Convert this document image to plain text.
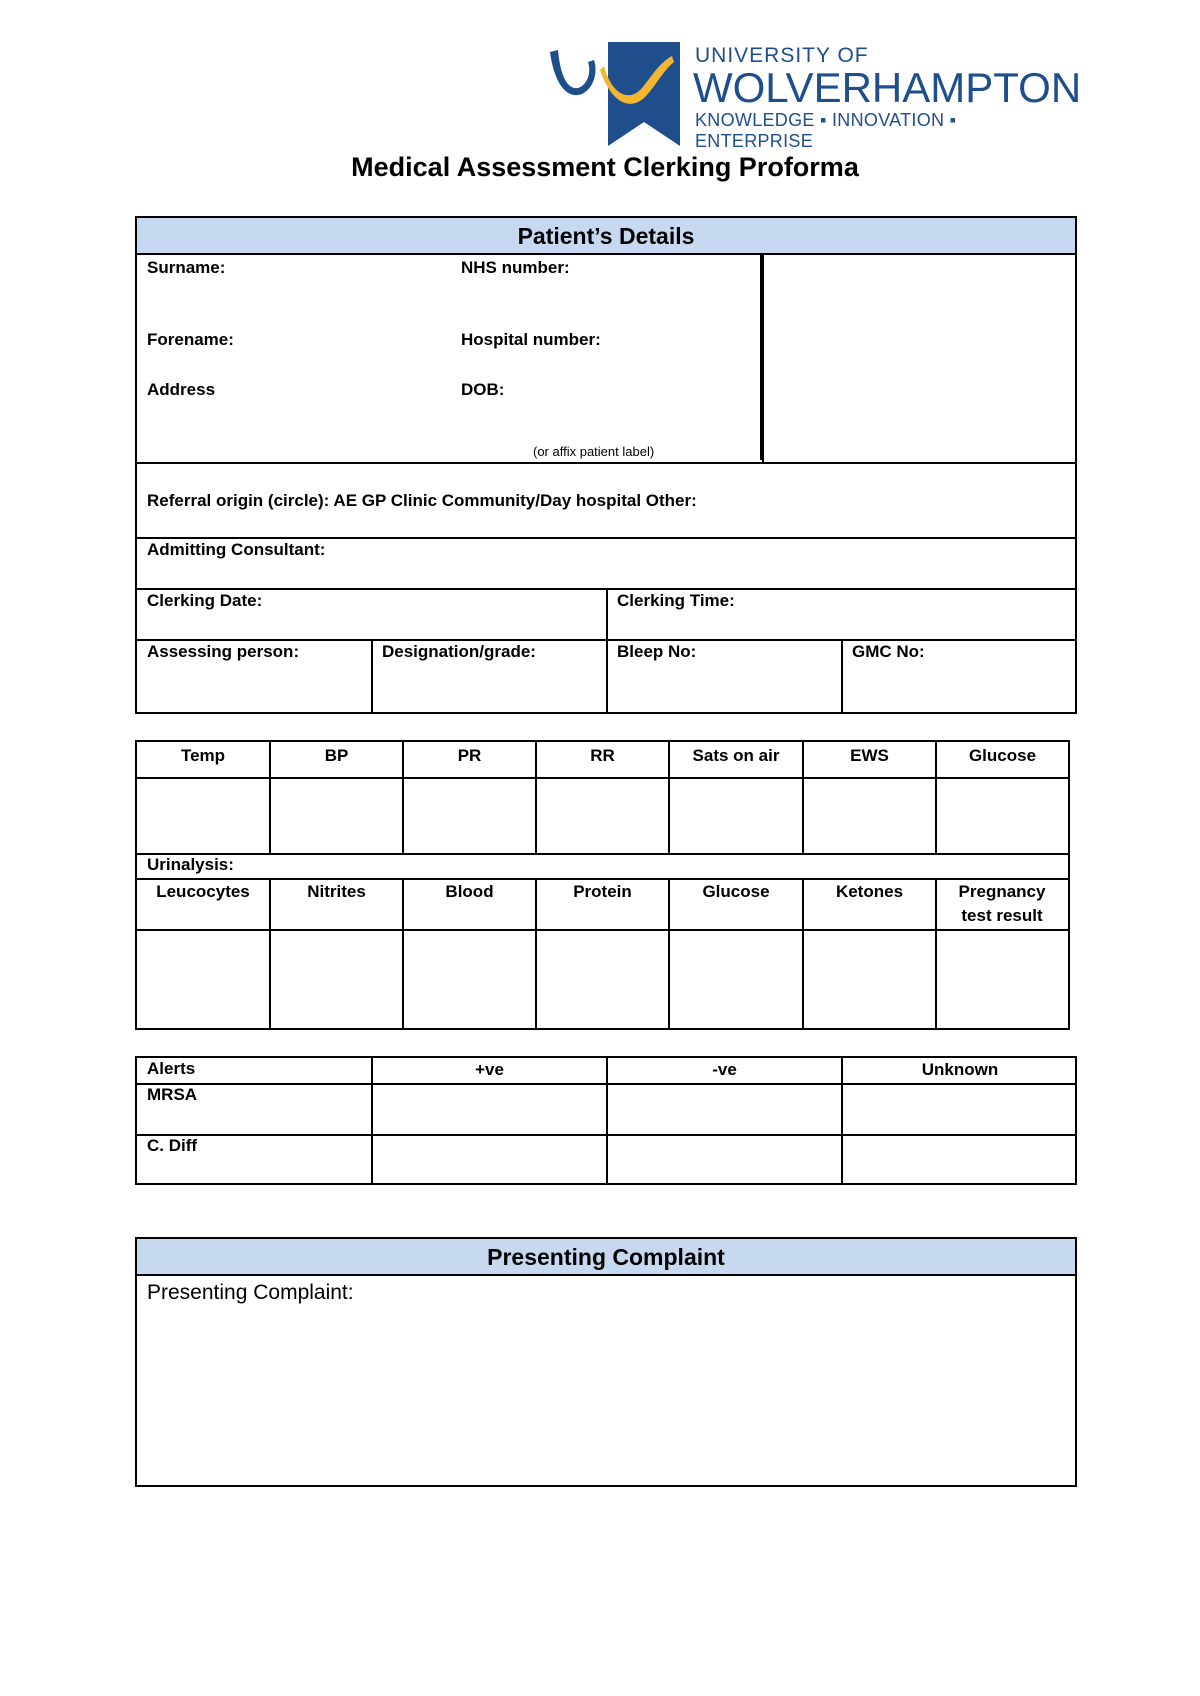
UNIVERSITY OF
WOLVERHAMPTON
KNOWLEDGE ▪ INNOVATION ▪ ENTERPRISE
Medical Assessment Clerking Proforma
Patient’s Details
Surname:	NHS number:
Forename:	Hospital number:
Address	DOB:
(or affix patient label)
Referral origin (circle): AE GP Clinic Community/Day hospital Other:
Admitting Consultant:
Clerking Date:	Clerking Time:
Assessing person:	Designation/grade:	Bleep No:	GMC No:
Temp	BP	PR	RR	Sats on air	EWS	Glucose
Urinalysis:
Leucocytes	Nitrites	Blood	Protein	Glucose	Ketones	Pregnancy test result
Alerts	+ve	-ve	Unknown
MRSA
C. Diff
Presenting Complaint
Presenting Complaint:
